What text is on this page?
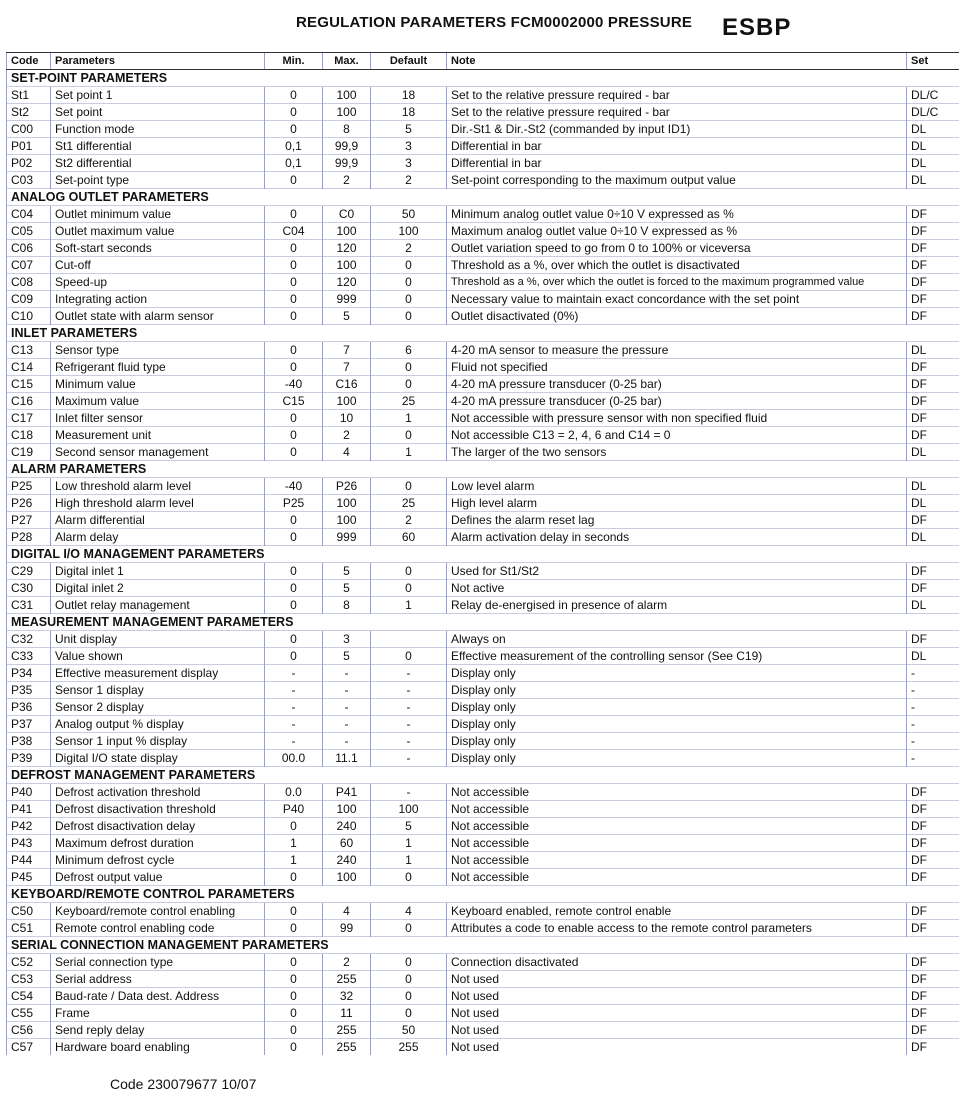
REGULATION PARAMETERS FCM0002000 PRESSURE ESBP
Code	Parameters	Min.	Max.	Default	Note	Set
SET-POINT PARAMETERS						
St1	Set point 1	0	100	18	Set to the relative pressure required - bar	DL/C
St2	Set point	0	100	18	Set to the relative pressure required - bar	DL/C
C00	Function mode	0	8	5	Dir.-St1 & Dir.-St2 (commanded by input ID1)	DL
P01	St1 differential	0,1	99,9	3	Differential in bar	DL
P02	St2 differential	0,1	99,9	3	Differential in bar	DL
C03	Set-point type	0	2	2	Set-point corresponding to the maximum output value	DL
ANALOG OUTLET PARAMETERS						
C04	Outlet minimum value	0	C0	50	Minimum analog outlet value 0÷10 V expressed as %	DF
C05	Outlet maximum value	C04	100	100	Maximum analog outlet value 0÷10 V expressed as %	DF
C06	Soft-start seconds	0	120	2	Outlet variation speed to go from 0 to 100% or viceversa	DF
C07	Cut-off	0	100	0	Threshold as a %, over which the outlet is disactivated	DF
C08	Speed-up	0	120	0	Threshold as a %, over which the outlet is forced to the maximum programmed value	DF
C09	Integrating action	0	999	0	Necessary value to maintain exact concordance with the set point	DF
C10	Outlet state with alarm sensor	0	5	0	Outlet disactivated (0%)	DF
INLET PARAMETERS						
C13	Sensor type	0	7	6	4-20 mA sensor to measure the pressure	DL
C14	Refrigerant fluid type	0	7	0	Fluid not specified	DF
C15	Minimum value	-40	C16	0	4-20 mA pressure transducer (0-25 bar)	DF
C16	Maximum value	C15	100	25	4-20 mA pressure transducer (0-25 bar)	DF
C17	Inlet filter sensor	0	10	1	Not accessible with pressure sensor with non specified fluid	DF
C18	Measurement unit	0	2	0	Not accessible C13 = 2, 4, 6 and C14 = 0	DF
C19	Second sensor management	0	4	1	The larger of the two sensors	DL
ALARM PARAMETERS						
P25	Low threshold alarm level	-40	P26	0	Low level alarm	DL
P26	High threshold alarm level	P25	100	25	High level alarm	DL
P27	Alarm differential	0	100	2	Defines the alarm reset lag	DF
P28	Alarm delay	0	999	60	Alarm activation delay in seconds	DL
DIGITAL I/O MANAGEMENT PARAMETERS						
C29	Digital inlet 1	0	5	0	Used for St1/St2	DF
C30	Digital inlet 2	0	5	0	Not active	DF
C31	Outlet relay management	0	8	1	Relay de-energised in presence of alarm	DL
MEASUREMENT MANAGEMENT PARAMETERS						
C32	Unit display	0	3		Always on	DF
C33	Value shown	0	5	0	Effective measurement of the controlling sensor (See C19)	DL
P34	Effective measurement display	-	-	-	Display only	-
P35	Sensor 1 display	-	-	-	Display only	-
P36	Sensor 2 display	-	-	-	Display only	-
P37	Analog output % display	-	-	-	Display only	-
P38	Sensor 1 input % display	-	-	-	Display only	-
P39	Digital I/O state display	00.0	11.1	-	Display only	-
DEFROST MANAGEMENT PARAMETERS						
P40	Defrost activation threshold	0.0	P41	-	Not accessible	DF
P41	Defrost disactivation threshold	P40	100	100	Not accessible	DF
P42	Defrost disactivation delay	0	240	5	Not accessible	DF
P43	Maximum defrost duration	1	60	1	Not accessible	DF
P44	Minimum defrost cycle	1	240	1	Not accessible	DF
P45	Defrost output value	0	100	0	Not accessible	DF
KEYBOARD/REMOTE CONTROL PARAMETERS						
C50	Keyboard/remote control enabling	0	4	4	Keyboard enabled, remote control enable	DF
C51	Remote control enabling code	0	99	0	Attributes a code to enable access to the remote control parameters	DF
SERIAL CONNECTION MANAGEMENT PARAMETERS						
C52	Serial connection type	0	2	0	Connection disactivated	DF
C53	Serial address	0	255	0	Not used	DF
C54	Baud-rate / Data dest. Address	0	32	0	Not used	DF
C55	Frame	0	11	0	Not used	DF
C56	Send reply delay	0	255	50	Not used	DF
C57	Hardware board enabling	0	255	255	Not used	DF
Code 230079677 10/07
